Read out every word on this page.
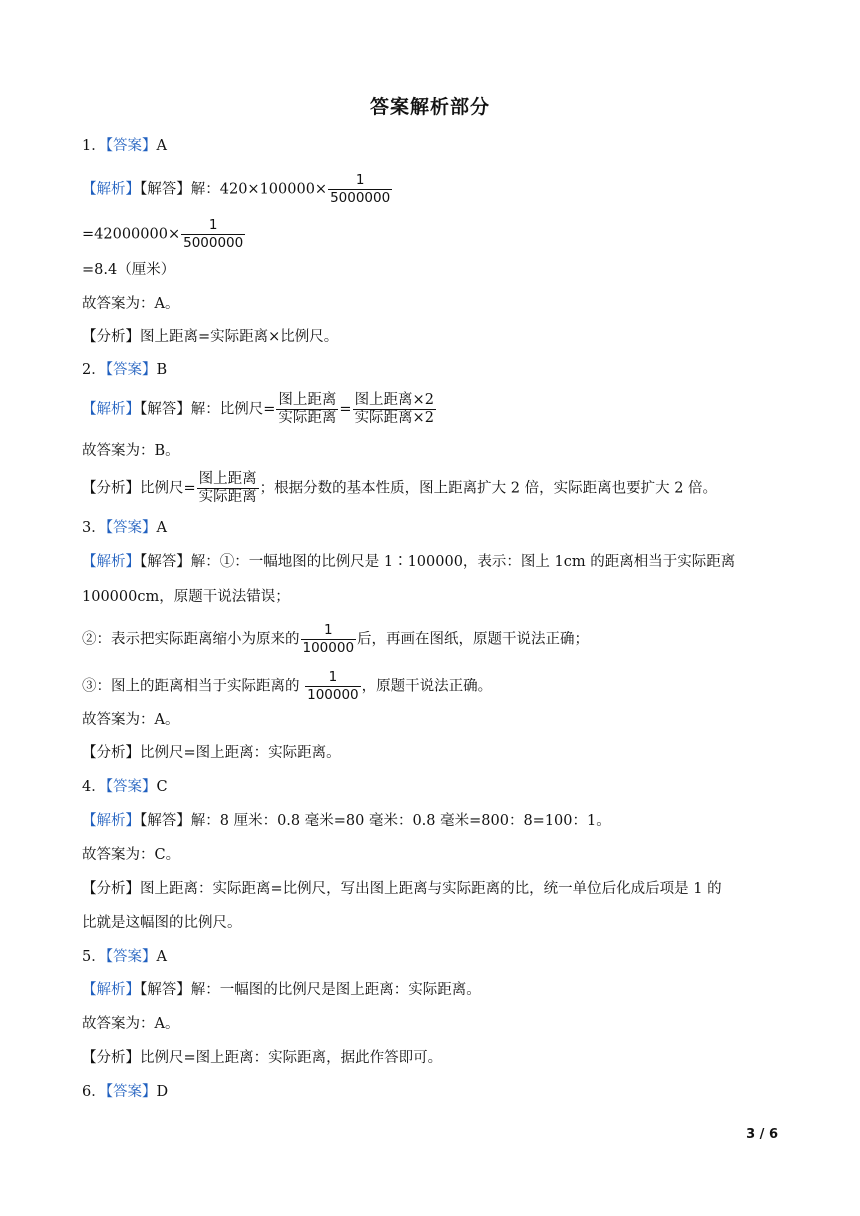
答案解析部分
1．【答案】A
【解析】【解答】解：$420\times 100000\times \frac{1}{5000000}$
$=42000000\times \frac{1}{5000000}$
=8.4（厘米）
故答案为：A。
【分析】图上距离=实际距离×比例尺。
2．【答案】B
【解析】【解答】解：比例尺= $\frac{\text{图上距离}}{\text{实际距离}} = \frac{\text{图上距离×2}}{\text{实际距离×2}}$
故答案为：B。
【分析】比例尺= $\frac{\text{图上距离}}{\text{实际距离}}$ ；根据分数的基本性质，图上距离扩大 2 倍，实际距离也要扩大 2 倍。
3．【答案】A
【解析】【解答】解：①：一幅地图的比例尺是 1∶100000，表示：图上 1cm 的距离相当于实际距离
100000cm，原题干说法错误；
②：表示把实际距离缩小为原来的 $\frac{1}{100000}$ 后，再画在图纸，原题干说法正确；
③：图上的距离相当于实际距离的 $\frac{1}{100000}$ ，原题干说法正确。
故答案为：A。
【分析】比例尺=图上距离：实际距离。
4．【答案】C
【解析】【解答】解：8 厘米：0.8 毫米=80 毫米：0.8 毫米=800：8=100：1。
故答案为：C。
【分析】图上距离：实际距离=比例尺，写出图上距离与实际距离的比，统一单位后化成后项是 1 的
比就是这幅图的比例尺。
5．【答案】A
【解析】【解答】解：一幅图的比例尺是图上距离：实际距离。
故答案为：A。
【分析】比例尺=图上距离：实际距离，据此作答即可。
6．【答案】D
3 / 6
